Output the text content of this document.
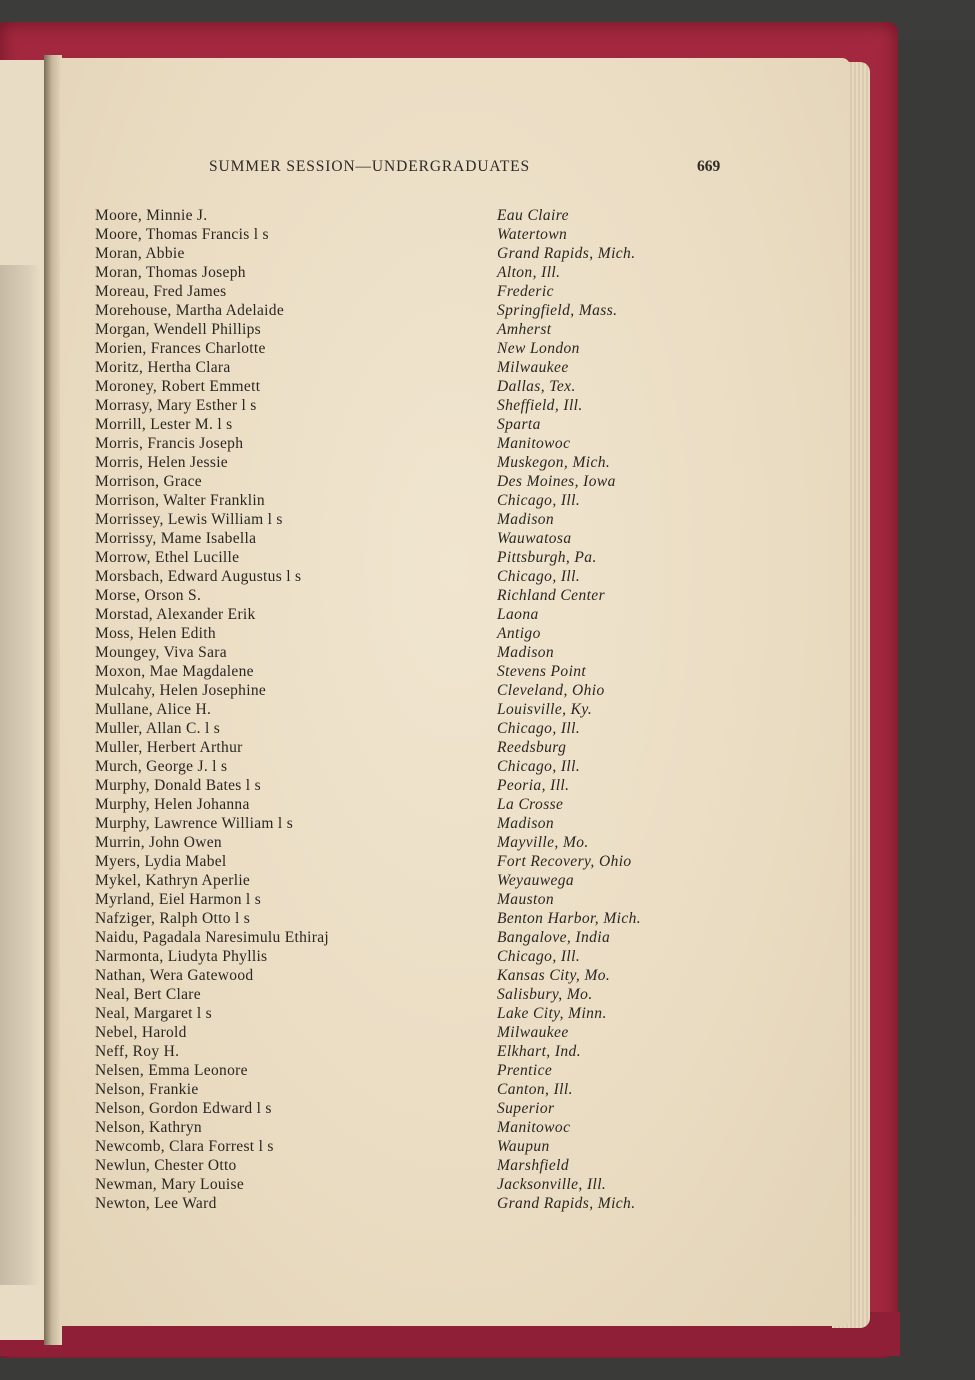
SUMMER SESSION—UNDERGRADUATES	669
Moore, Minnie J.	Eau Claire
Moore, Thomas Francis l s	Watertown
Moran, Abbie	Grand Rapids, Mich.
Moran, Thomas Joseph	Alton, Ill.
Moreau, Fred James	Frederic
Morehouse, Martha Adelaide	Springfield, Mass.
Morgan, Wendell Phillips	Amherst
Morien, Frances Charlotte	New London
Moritz, Hertha Clara	Milwaukee
Moroney, Robert Emmett	Dallas, Tex.
Morrasy, Mary Esther l s	Sheffield, Ill.
Morrill, Lester M. l s	Sparta
Morris, Francis Joseph	Manitowoc
Morris, Helen Jessie	Muskegon, Mich.
Morrison, Grace	Des Moines, Iowa
Morrison, Walter Franklin	Chicago, Ill.
Morrissey, Lewis William l s	Madison
Morrissy, Mame Isabella	Wauwatosa
Morrow, Ethel Lucille	Pittsburgh, Pa.
Morsbach, Edward Augustus l s	Chicago, Ill.
Morse, Orson S.	Richland Center
Morstad, Alexander Erik	Laona
Moss, Helen Edith	Antigo
Moungey, Viva Sara	Madison
Moxon, Mae Magdalene	Stevens Point
Mulcahy, Helen Josephine	Cleveland, Ohio
Mullane, Alice H.	Louisville, Ky.
Muller, Allan C. l s	Chicago, Ill.
Muller, Herbert Arthur	Reedsburg
Murch, George J. l s	Chicago, Ill.
Murphy, Donald Bates l s	Peoria, Ill.
Murphy, Helen Johanna	La Crosse
Murphy, Lawrence William l s	Madison
Murrin, John Owen	Mayville, Mo.
Myers, Lydia Mabel	Fort Recovery, Ohio
Mykel, Kathryn Aperlie	Weyauwega
Myrland, Eiel Harmon l s	Mauston
Nafziger, Ralph Otto l s	Benton Harbor, Mich.
Naidu, Pagadala Naresimulu Ethiraj	Bangalove, India
Narmonta, Liudyta Phyllis	Chicago, Ill.
Nathan, Wera Gatewood	Kansas City, Mo.
Neal, Bert Clare	Salisbury, Mo.
Neal, Margaret l s	Lake City, Minn.
Nebel, Harold	Milwaukee
Neff, Roy H.	Elkhart, Ind.
Nelsen, Emma Leonore	Prentice
Nelson, Frankie	Canton, Ill.
Nelson, Gordon Edward l s	Superior
Nelson, Kathryn	Manitowoc
Newcomb, Clara Forrest l s	Waupun
Newlun, Chester Otto	Marshfield
Newman, Mary Louise	Jacksonville, Ill.
Newton, Lee Ward	Grand Rapids, Mich.
